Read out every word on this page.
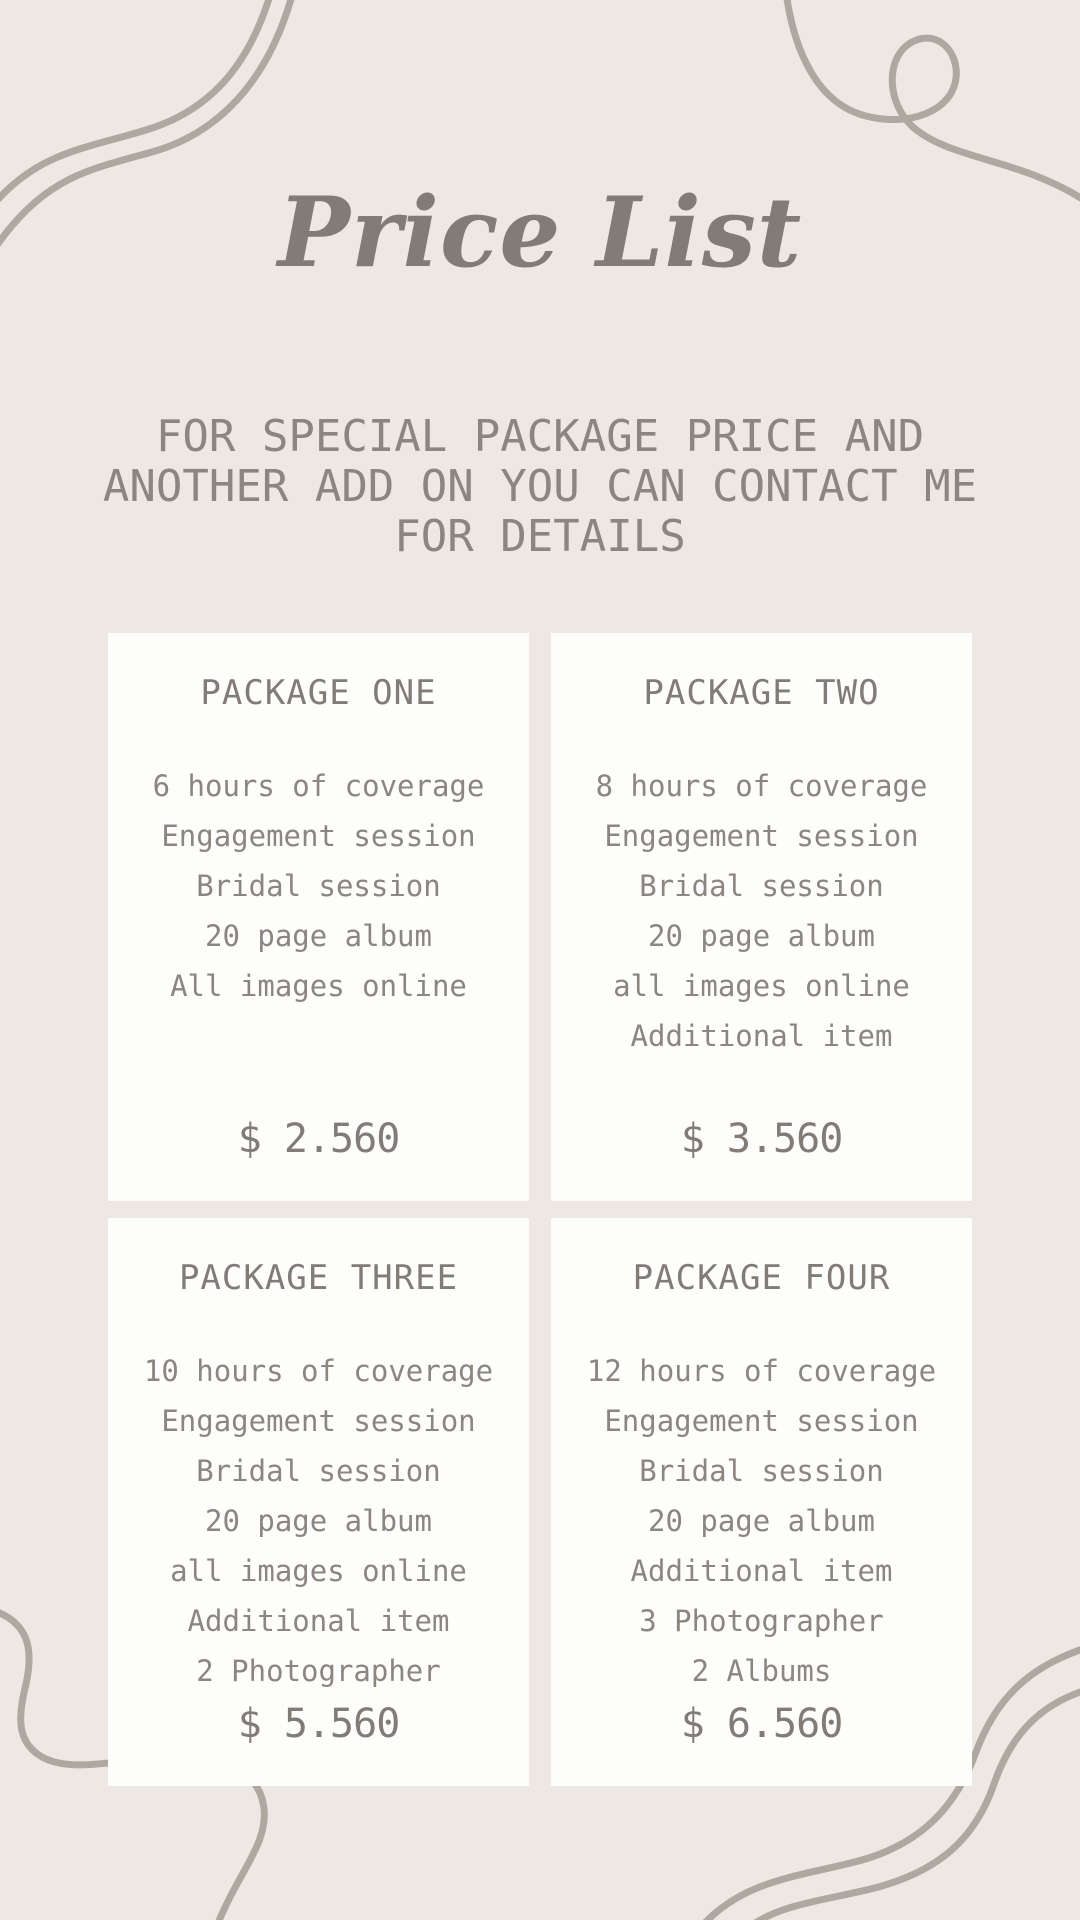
Price List
FOR SPECIAL PACKAGE PRICE AND
ANOTHER ADD ON YOU CAN CONTACT ME
FOR DETAILS
PACKAGE ONE
6 hours of coverage
Engagement session
Bridal session
20 page album
All images online
$ 2.560
PACKAGE TWO
8 hours of coverage
Engagement session
Bridal session
20 page album
all images online
Additional item
$ 3.560
PACKAGE THREE
10 hours of coverage
Engagement session
Bridal session
20 page album
all images online
Additional item
2 Photographer
$ 5.560
PACKAGE FOUR
12 hours of coverage
Engagement session
Bridal session
20 page album
Additional item
3 Photographer
2 Albums
$ 6.560
